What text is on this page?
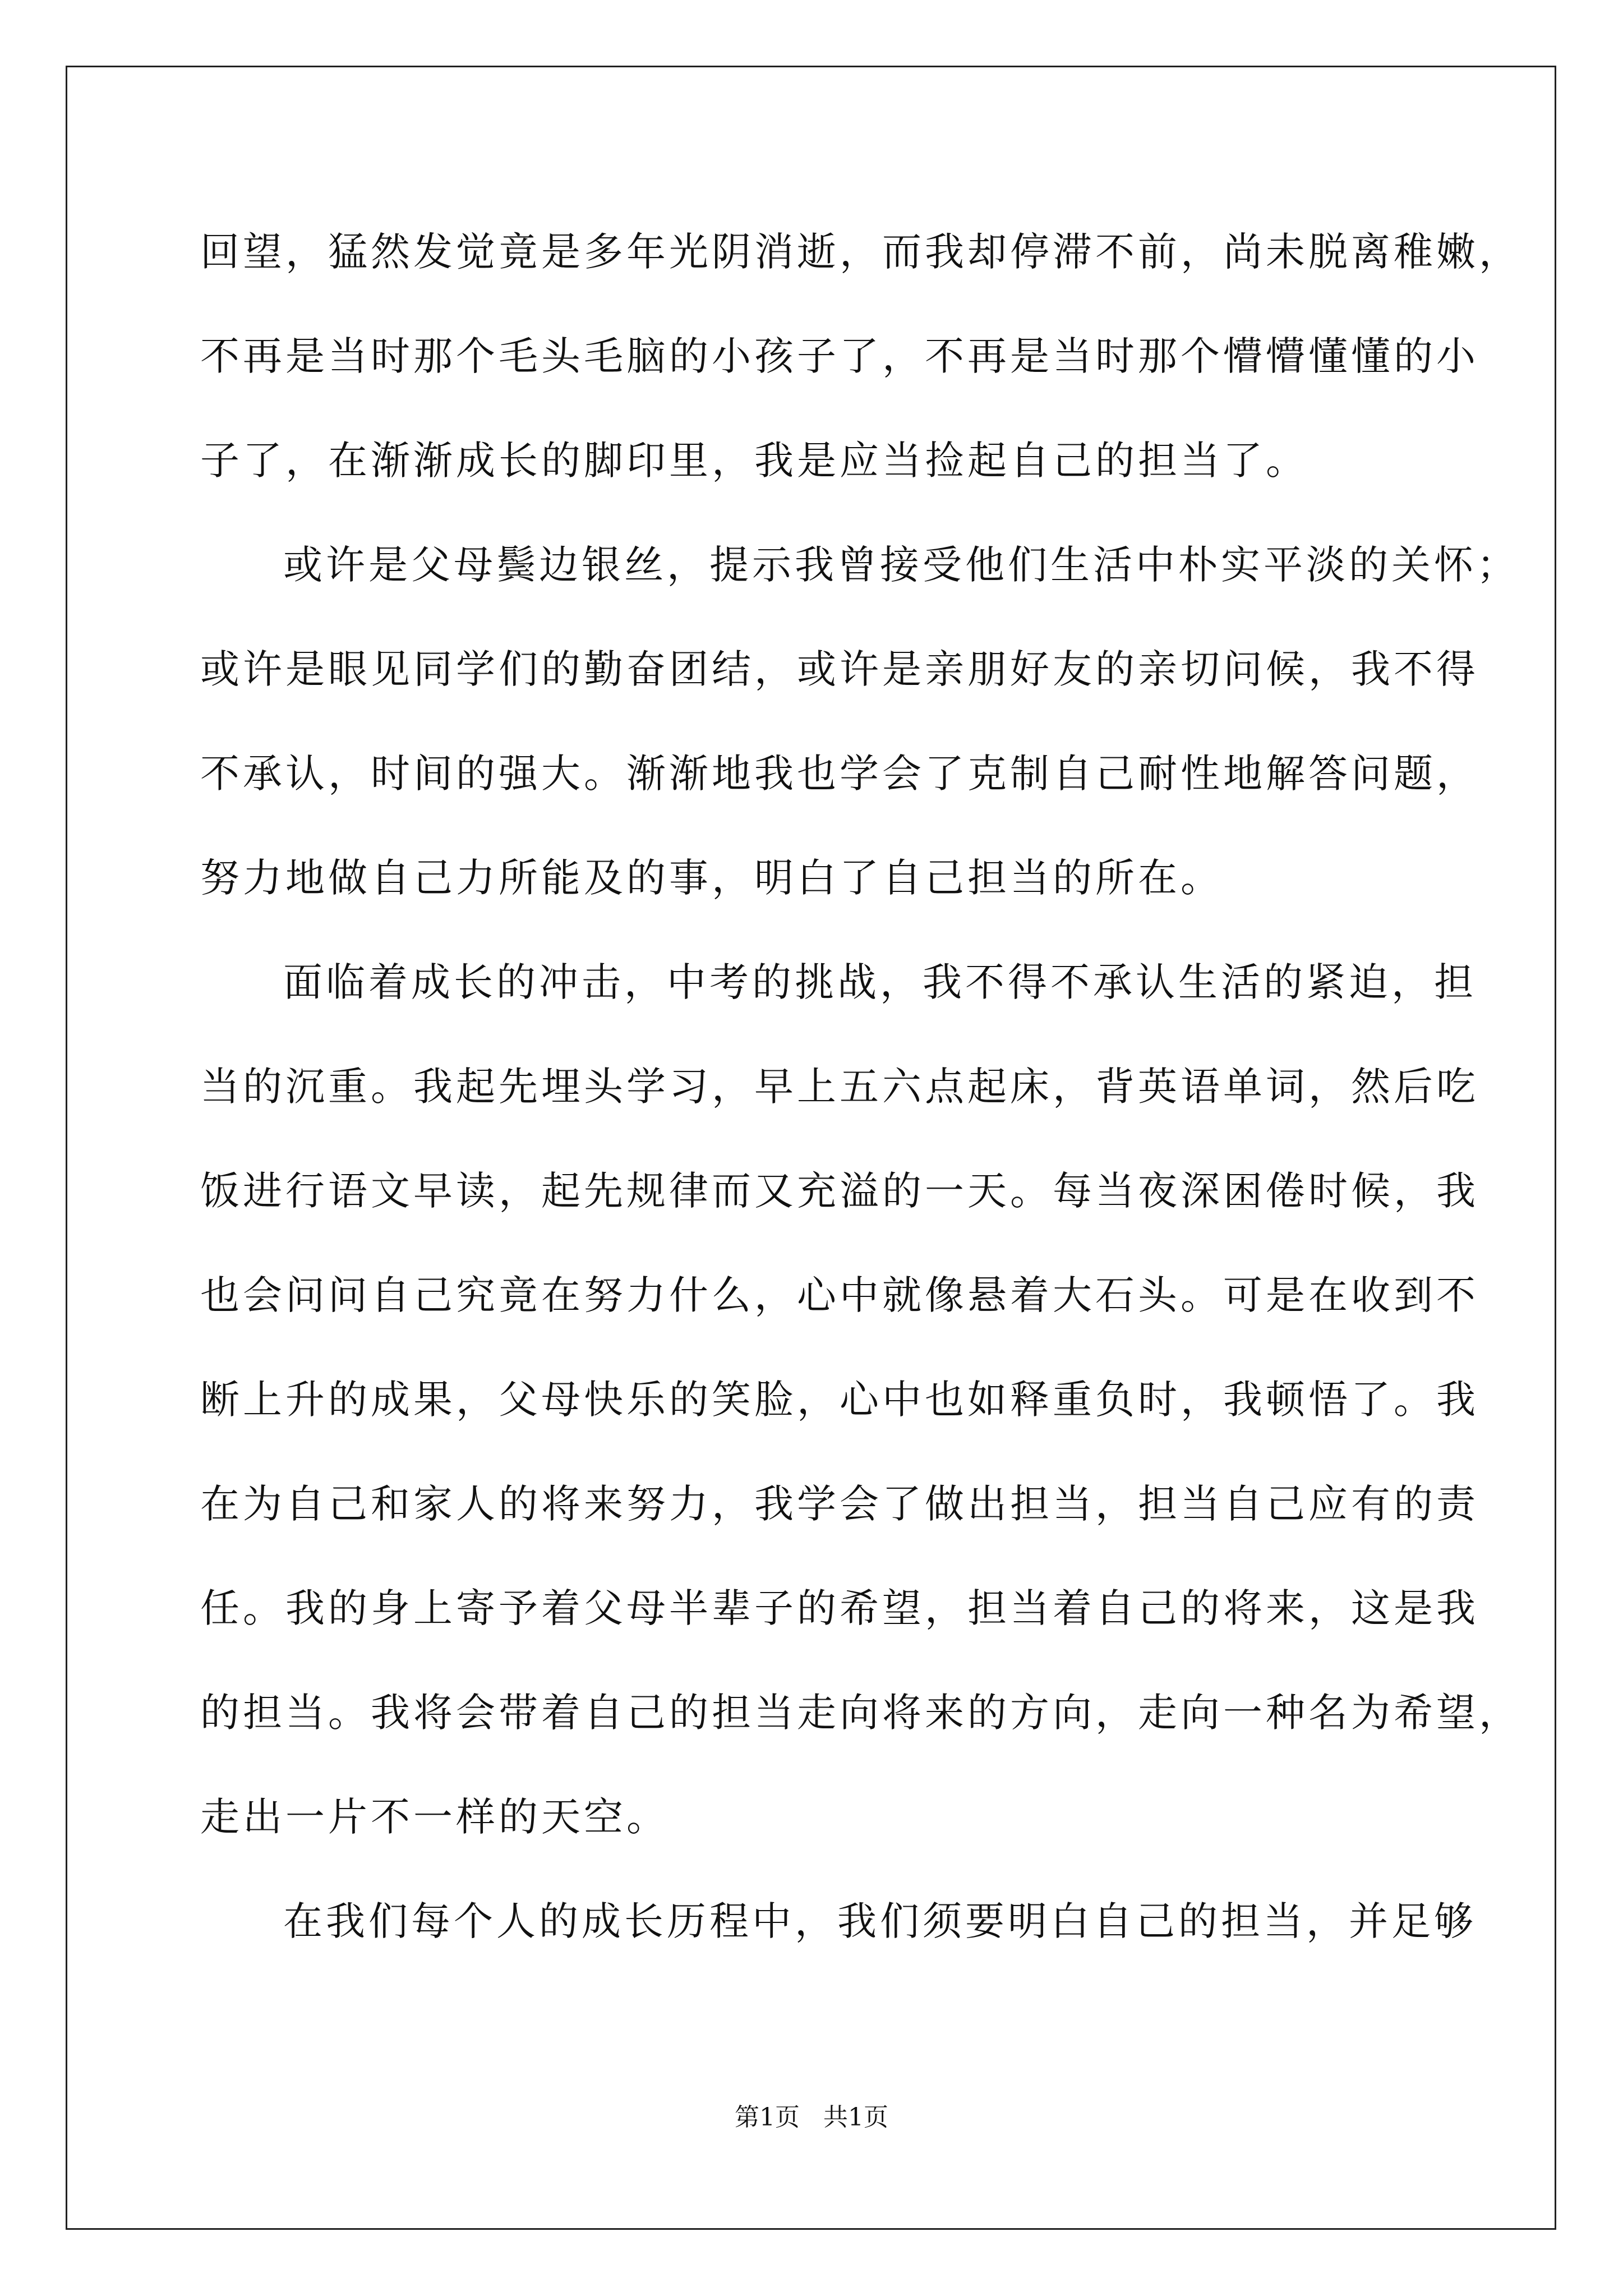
回望，猛然发觉竟是多年光阴消逝，而我却停滞不前，尚未脱离稚嫩，
不再是当时那个毛头毛脑的小孩子了，不再是当时那个懵懵懂懂的小
子了，在渐渐成长的脚印里，我是应当捡起自己的担当了。
或许是父母鬓边银丝，提示我曾接受他们生活中朴实平淡的关怀；
或许是眼见同学们的勤奋团结，或许是亲朋好友的亲切问候，我不得
不承认，时间的强大。渐渐地我也学会了克制自己耐性地解答问题，
努力地做自己力所能及的事，明白了自己担当的所在。
面临着成长的冲击，中考的挑战，我不得不承认生活的紧迫，担
当的沉重。我起先埋头学习，早上五六点起床，背英语单词，然后吃
饭进行语文早读，起先规律而又充溢的一天。每当夜深困倦时候，我
也会问问自己究竟在努力什么，心中就像悬着大石头。可是在收到不
断上升的成果，父母快乐的笑脸，心中也如释重负时，我顿悟了。我
在为自己和家人的将来努力，我学会了做出担当，担当自己应有的责
任。我的身上寄予着父母半辈子的希望，担当着自己的将来，这是我
的担当。我将会带着自己的担当走向将来的方向，走向一种名为希望，
走出一片不一样的天空。
在我们每个人的成长历程中，我们须要明白自己的担当，并足够
第1页   共1页
